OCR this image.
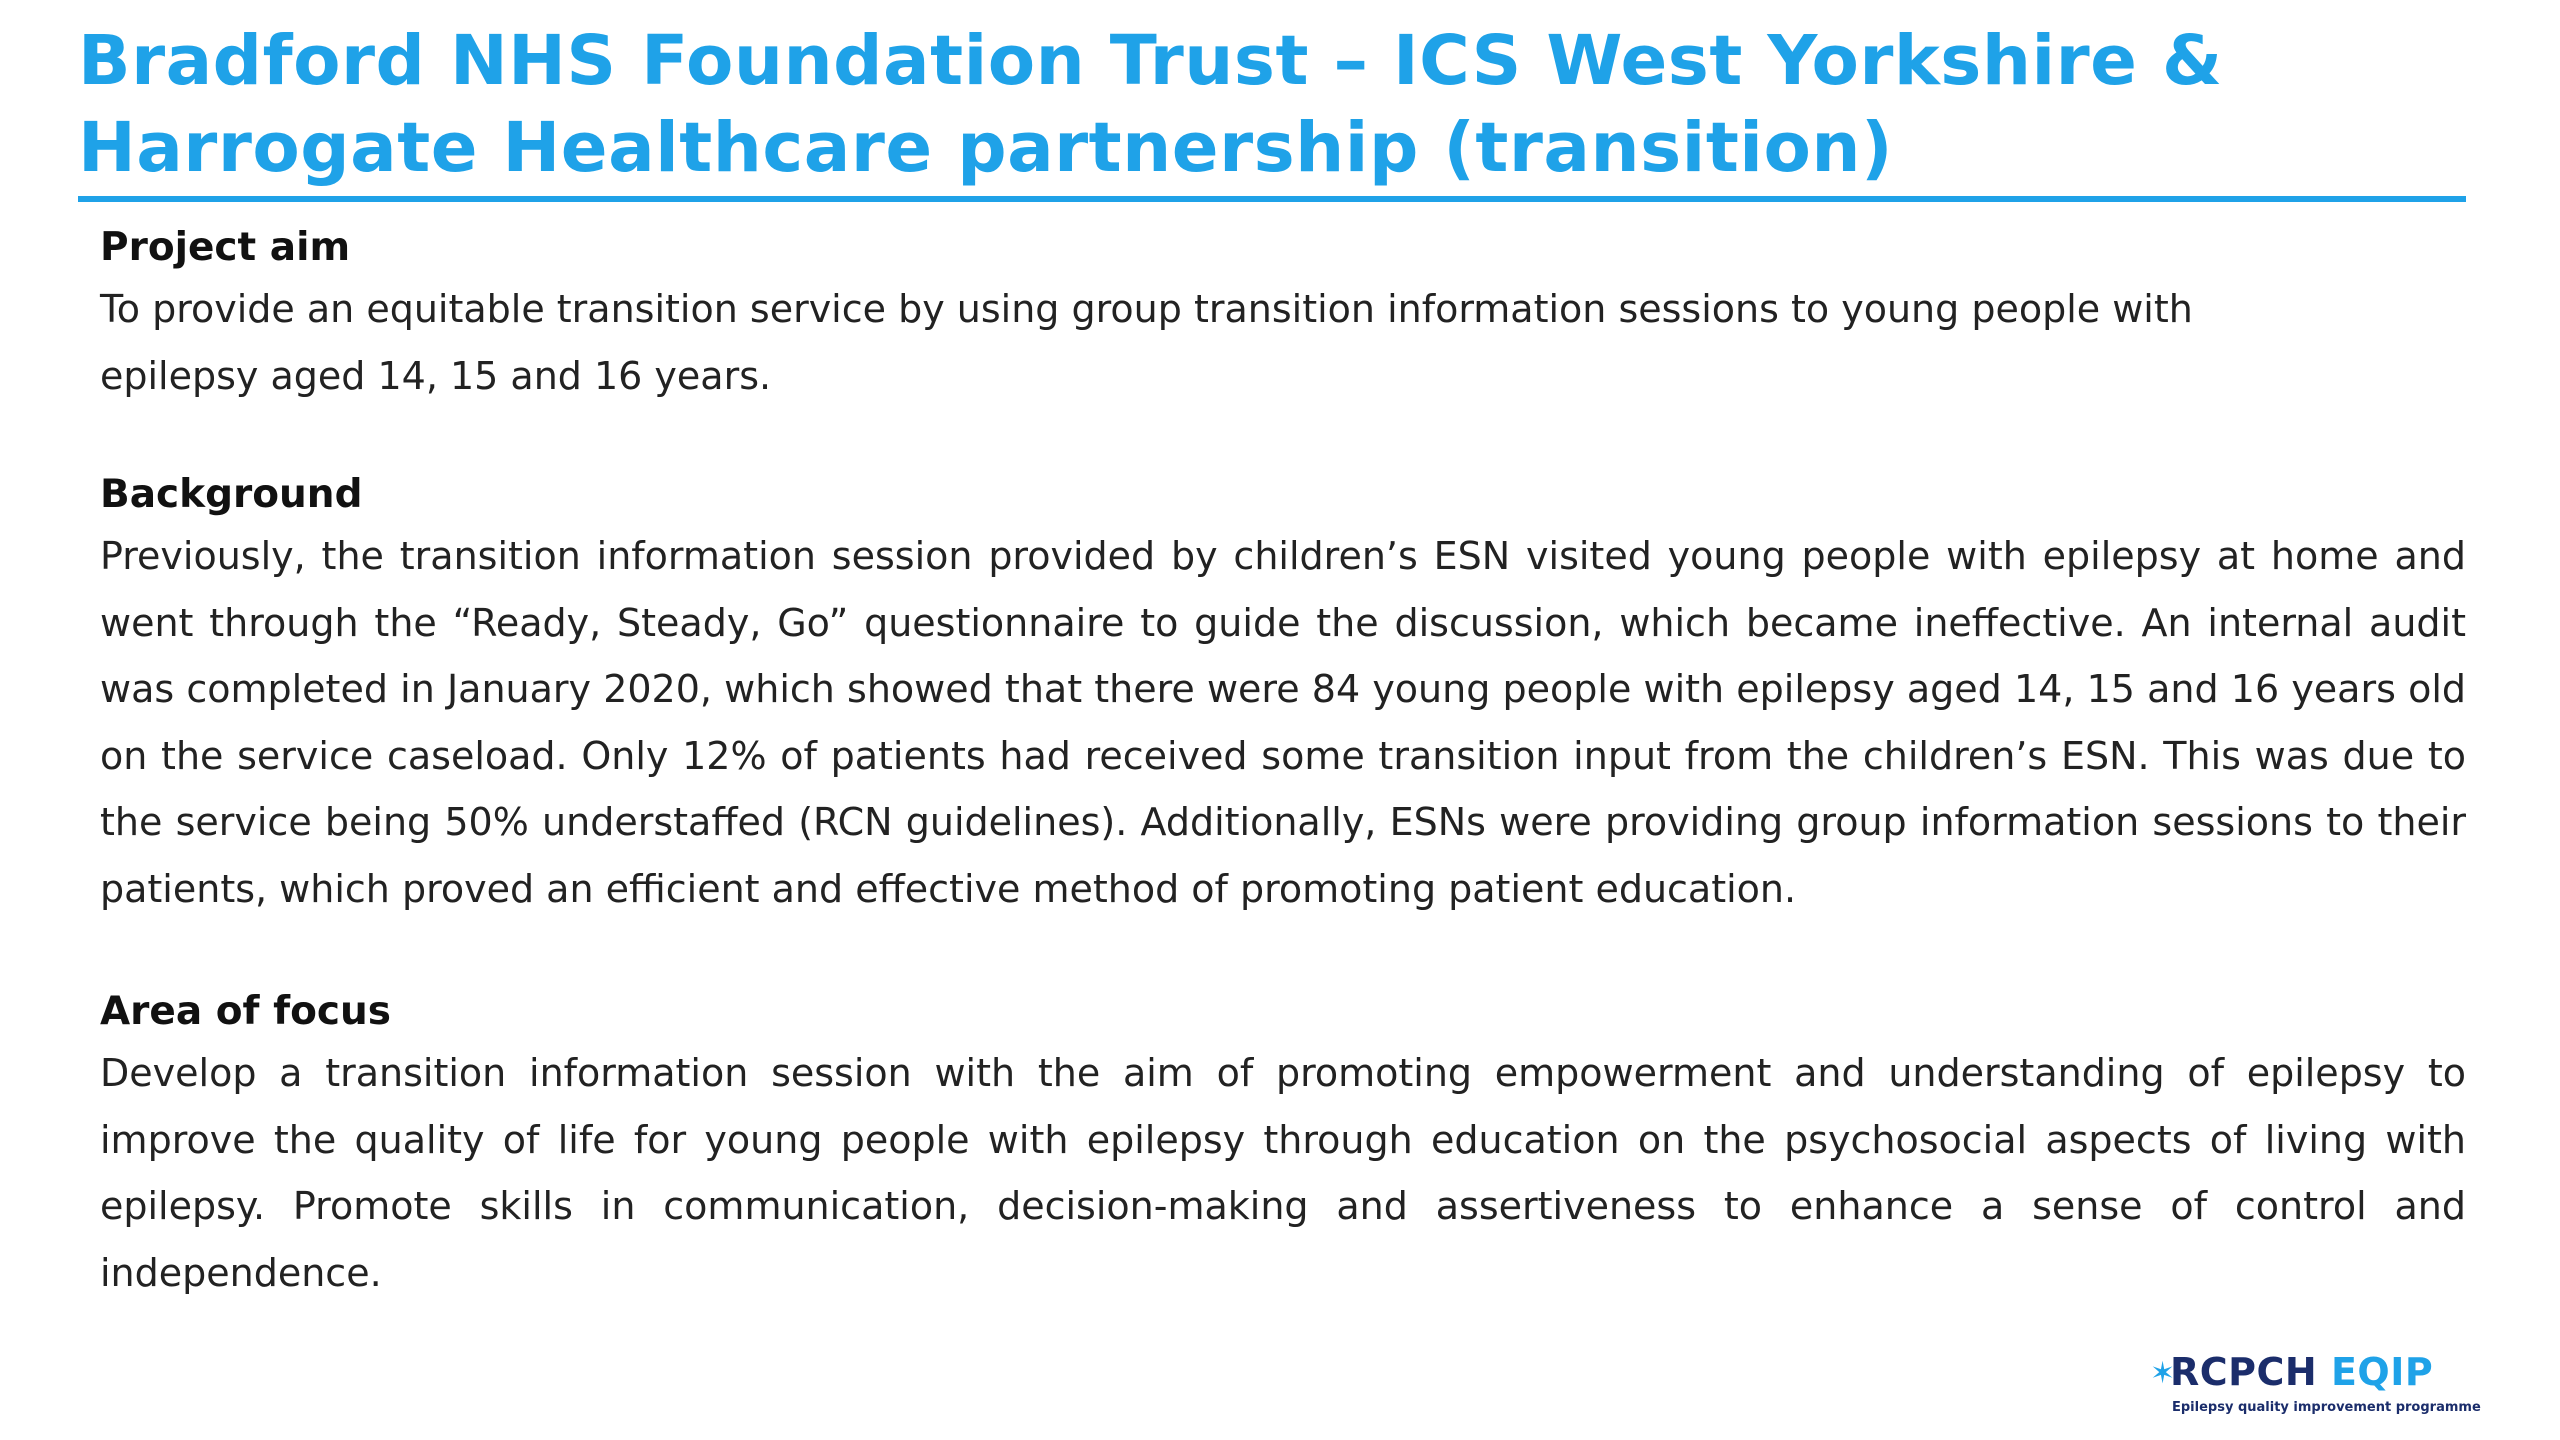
Bradford NHS Foundation Trust – ICS West Yorkshire &
Harrogate Healthcare partnership (transition)
Project aim

To provide an equitable transition service by using group transition information sessions to young people with epilepsy aged 14, 15 and 16 years.

Background

Previously, the transition information session provided by children’s ESN visited young people with epilepsy at home and went through the “Ready, Steady, Go” questionnaire to guide the discussion, which became ineffective. An internal audit was completed in January 2020, which showed that there were 84 young people with epilepsy aged 14, 15 and 16 years old on the service caseload. Only 12% of patients had received some transition input from the children’s ESN. This was due to the service being 50% understaffed (RCN guidelines). Additionally, ESNs were providing group information sessions to their patients, which proved an efficient and effective method of promoting patient education.

Area of focus

Develop a transition information session with the aim of promoting empowerment and understanding of epilepsy to improve the quality of life for young people with epilepsy through education on the psychosocial aspects of living with epilepsy. Promote skills in communication, decision-making and assertiveness to enhance a sense of control and independence.

✶
RCPCH EQIP
Epilepsy quality improvement programme
